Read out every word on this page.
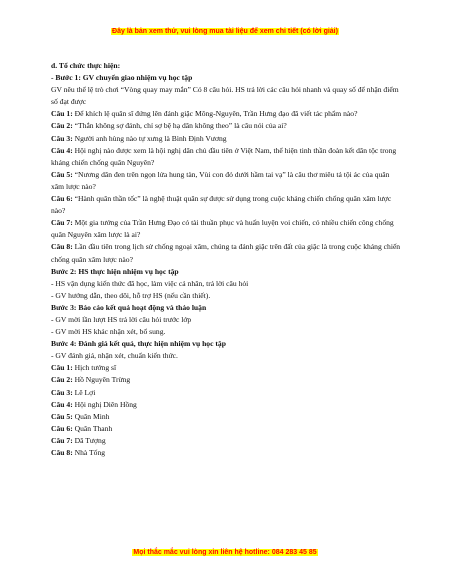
Đây là bản xem thử, vui lòng mua tài liệu để xem chi tiết (có lời giải)

d. Tổ chức thực hiện:

- Bước 1: GV chuyển giao nhiệm vụ học tập

GV nêu thể lệ trò chơi “Vòng quay may mắn” Có 8 câu hỏi. HS trả lời các câu hỏi nhanh và quay số để nhận điểm số đạt được

Câu 1: Để khích lệ quân sĩ đứng lên đánh giặc Mông-Nguyên, Trần Hưng đạo đã viết tác phẩm nào?

Câu 2: “Thắn không sợ đánh, chỉ sợ bệ hạ dân không theo” là câu nói của ai?

Câu 3: Người anh hùng nào tự xưng là Bình Định Vương

Câu 4: Hội nghị nào được xem là hội nghị dân chủ đầu tiên ở Việt Nam, thể hiện tinh thần đoàn kết dân tộc trong kháng chiến chống quân Nguyên?

Câu 5: “Nương dân đen trên ngọn lửa hung tàn, Vùi con đỏ dưới hầm tai vạ” là câu thơ miêu tả tội ác của quân xâm lược nào?

Câu 6: “Hành quân thần tốc” là nghệ thuật quân sự được sử dụng trong cuộc kháng chiến chống quân xâm lược nào?

Câu 7: Một gia tướng của Trần Hưng Đạo có tài thuần phục và huấn luyện voi chiến, có nhiều chiến công chống quân Nguyên xâm lược là ai?

Câu 8: Lần đầu tiên trong lịch sử chống ngoại xâm, chúng ta đánh giặc trên đất của giặc là trong cuộc kháng chiến chống quân xâm lược nào?

Bước 2: HS thực hiện nhiệm vụ học tập

- HS vận dụng kiến thức đã học, làm việc cá nhân, trả lời câu hỏi

- GV hướng dẫn, theo dõi, hỗ trợ HS (nếu cần thiết).

Bước 3: Báo cáo kết quả hoạt động và thảo luận

- GV mời lần lượt HS trả lời câu hỏi trước lớp

- GV mời HS khác nhận xét, bổ sung.

Bước 4: Đánh giá kết quả, thực hiện nhiệm vụ học tập

- GV đánh giá, nhận xét, chuẩn kiến thức.

Câu 1: Hịch tướng sĩ

Câu 2: Hồ Nguyên Trừng

Câu 3: Lê Lợi

Câu 4: Hội nghị Diên Hồng

Câu 5: Quân Minh

Câu 6: Quân Thanh

Câu 7: Dã Tượng

Câu 8: Nhà Tống

Mọi thắc mắc vui lòng xin liên hệ hotline: 084 283 45 85
